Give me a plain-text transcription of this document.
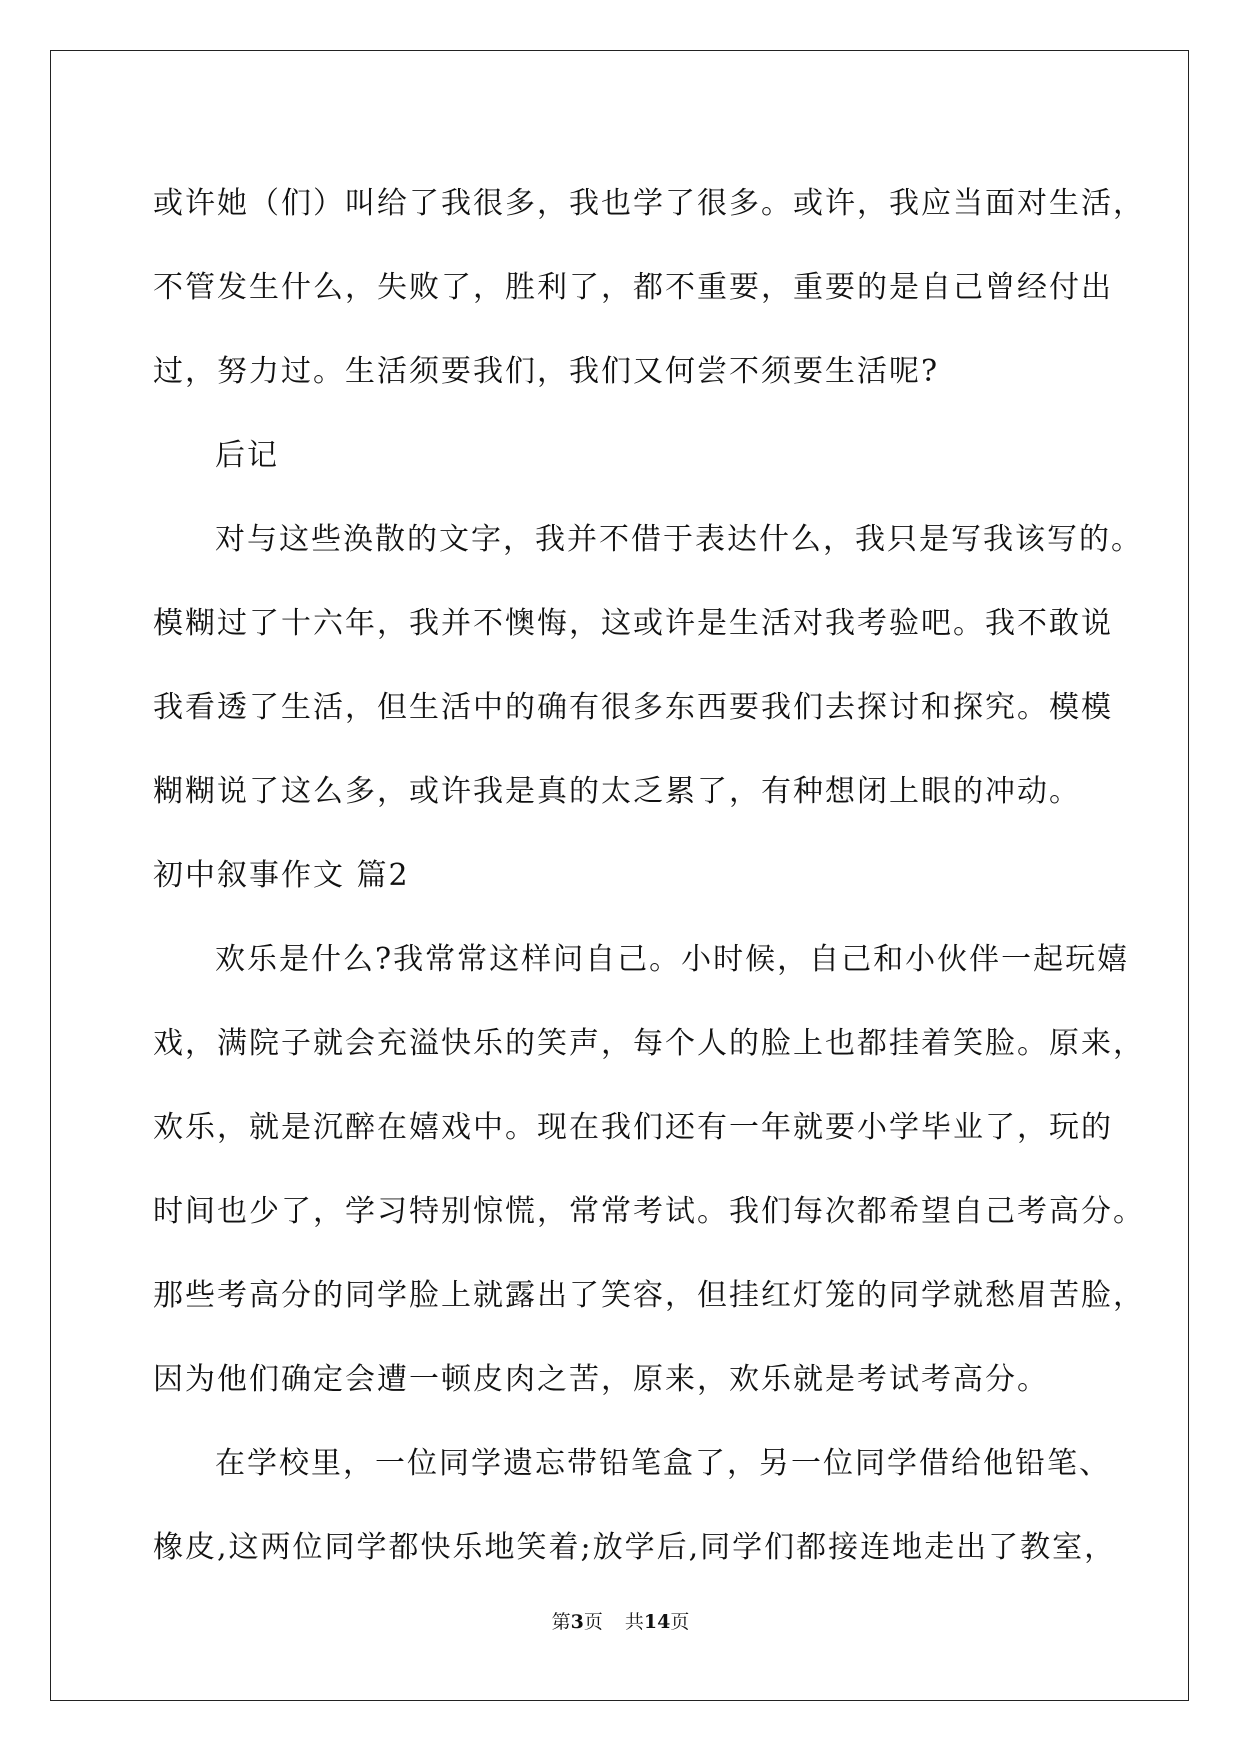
或许她（们）叫给了我很多，我也学了很多。或许，我应当面对生活，
不管发生什么，失败了，胜利了，都不重要，重要的是自己曾经付出
过，努力过。生活须要我们，我们又何尝不须要生活呢?
后记
对与这些涣散的文字，我并不借于表达什么，我只是写我该写的。
模糊过了十六年，我并不懊悔，这或许是生活对我考验吧。我不敢说
我看透了生活，但生活中的确有很多东西要我们去探讨和探究。模模
糊糊说了这么多，或许我是真的太乏累了，有种想闭上眼的冲动。
初中叙事作文 篇2
欢乐是什么?我常常这样问自己。小时候，自己和小伙伴一起玩嬉
戏，满院子就会充溢快乐的笑声，每个人的脸上也都挂着笑脸。原来，
欢乐，就是沉醉在嬉戏中。现在我们还有一年就要小学毕业了，玩的
时间也少了，学习特别惊慌，常常考试。我们每次都希望自己考高分。
那些考高分的同学脸上就露出了笑容，但挂红灯笼的同学就愁眉苦脸，
因为他们确定会遭一顿皮肉之苦，原来，欢乐就是考试考高分。
在学校里，一位同学遗忘带铅笔盒了，另一位同学借给他铅笔、
橡皮,这两位同学都快乐地笑着;放学后,同学们都接连地走出了教室，
第3页 共14页
